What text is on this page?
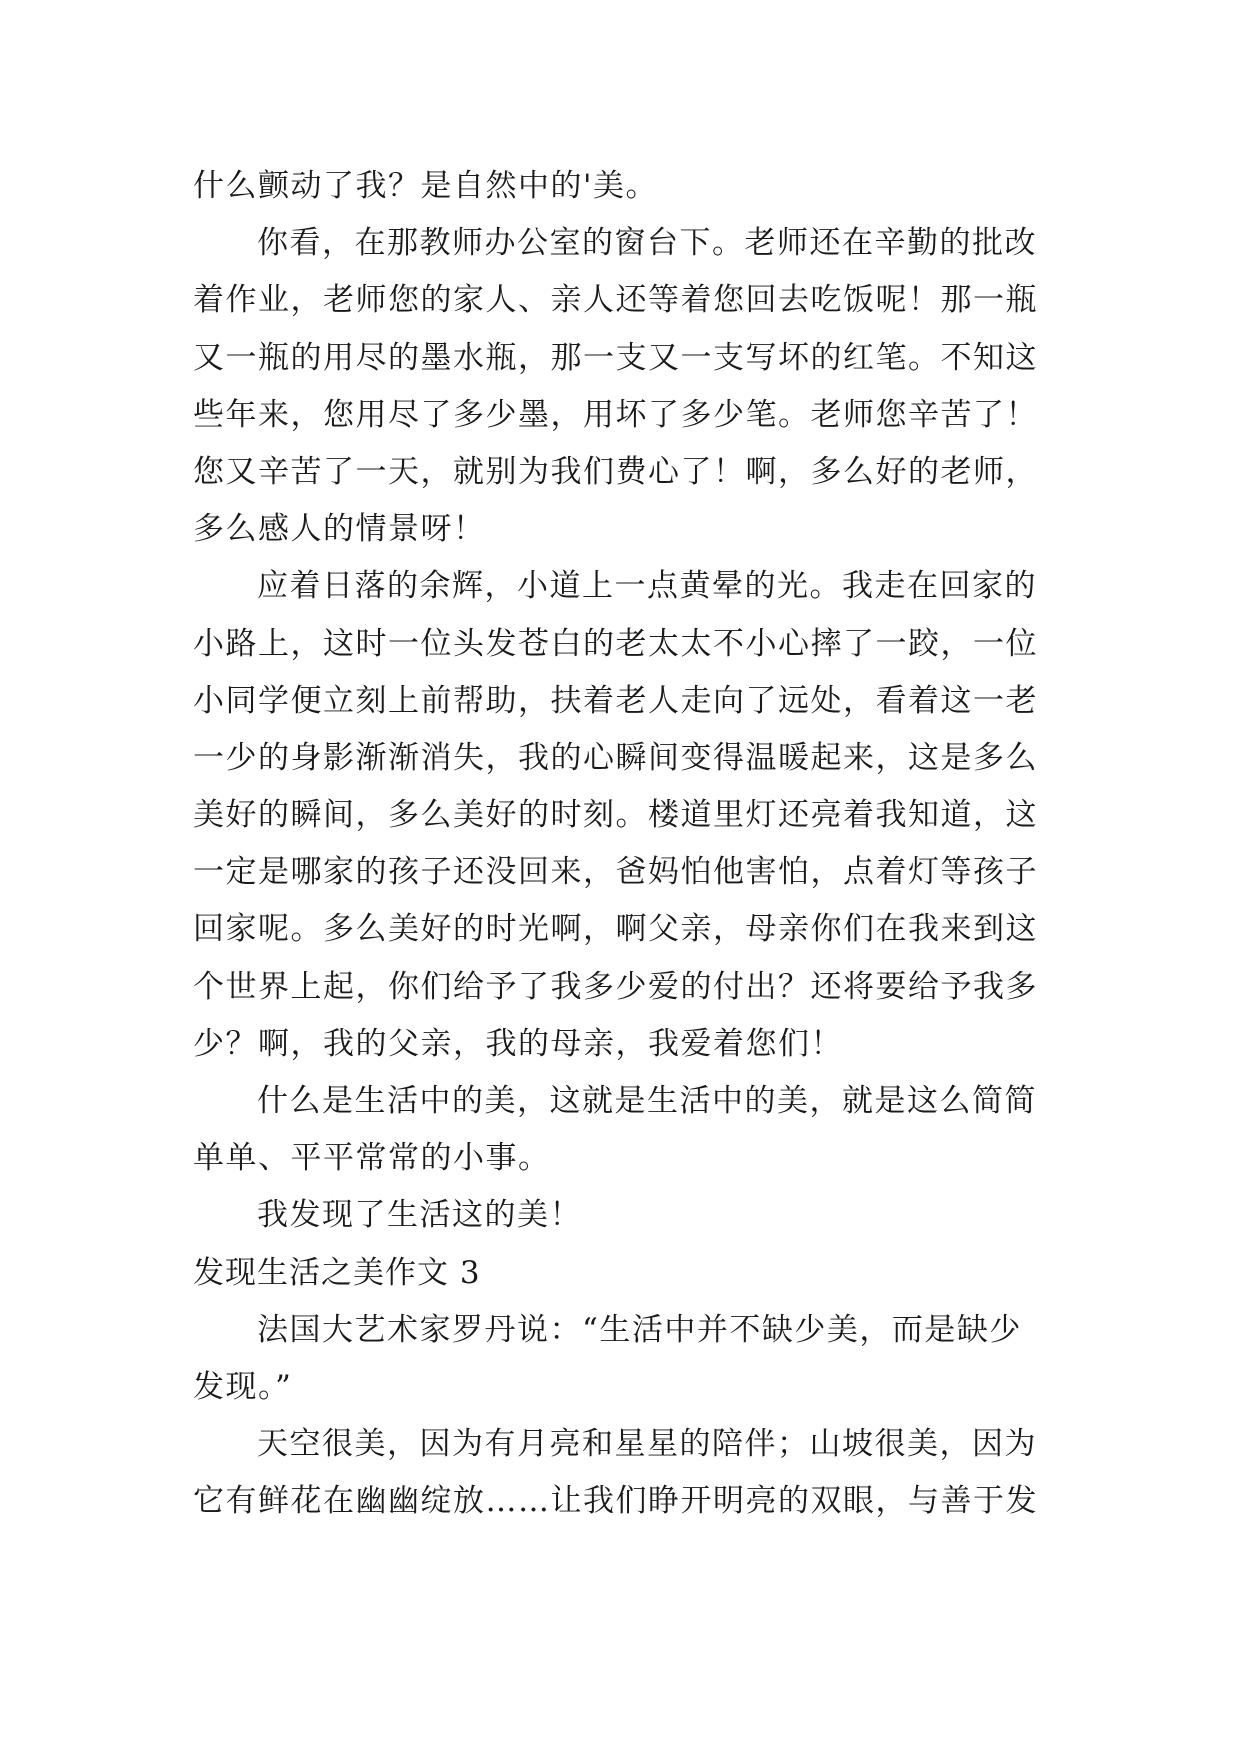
什么颤动了我？是自然中的'美。
你看，在那教师办公室的窗台下。老师还在辛勤的批改
着作业，老师您的家人、亲人还等着您回去吃饭呢！那一瓶
又一瓶的用尽的墨水瓶，那一支又一支写坏的红笔。不知这
些年来，您用尽了多少墨，用坏了多少笔。老师您辛苦了！
您又辛苦了一天，就别为我们费心了！啊，多么好的老师，
多么感人的情景呀！
应着日落的余辉，小道上一点黄晕的光。我走在回家的
小路上，这时一位头发苍白的老太太不小心摔了一跤，一位
小同学便立刻上前帮助，扶着老人走向了远处，看着这一老
一少的身影渐渐消失，我的心瞬间变得温暖起来，这是多么
美好的瞬间，多么美好的时刻。楼道里灯还亮着我知道，这
一定是哪家的孩子还没回来，爸妈怕他害怕，点着灯等孩子
回家呢。多么美好的时光啊，啊父亲，母亲你们在我来到这
个世界上起，你们给予了我多少爱的付出？还将要给予我多
少？啊，我的父亲，我的母亲，我爱着您们！
什么是生活中的美，这就是生活中的美，就是这么简简
单单、平平常常的小事。
我发现了生活这的美！
发现生活之美作文 3
法国大艺术家罗丹说：“生活中并不缺少美，而是缺少
发现。”
天空很美，因为有月亮和星星的陪伴；山坡很美，因为
它有鲜花在幽幽绽放……让我们睁开明亮的双眼，与善于发
